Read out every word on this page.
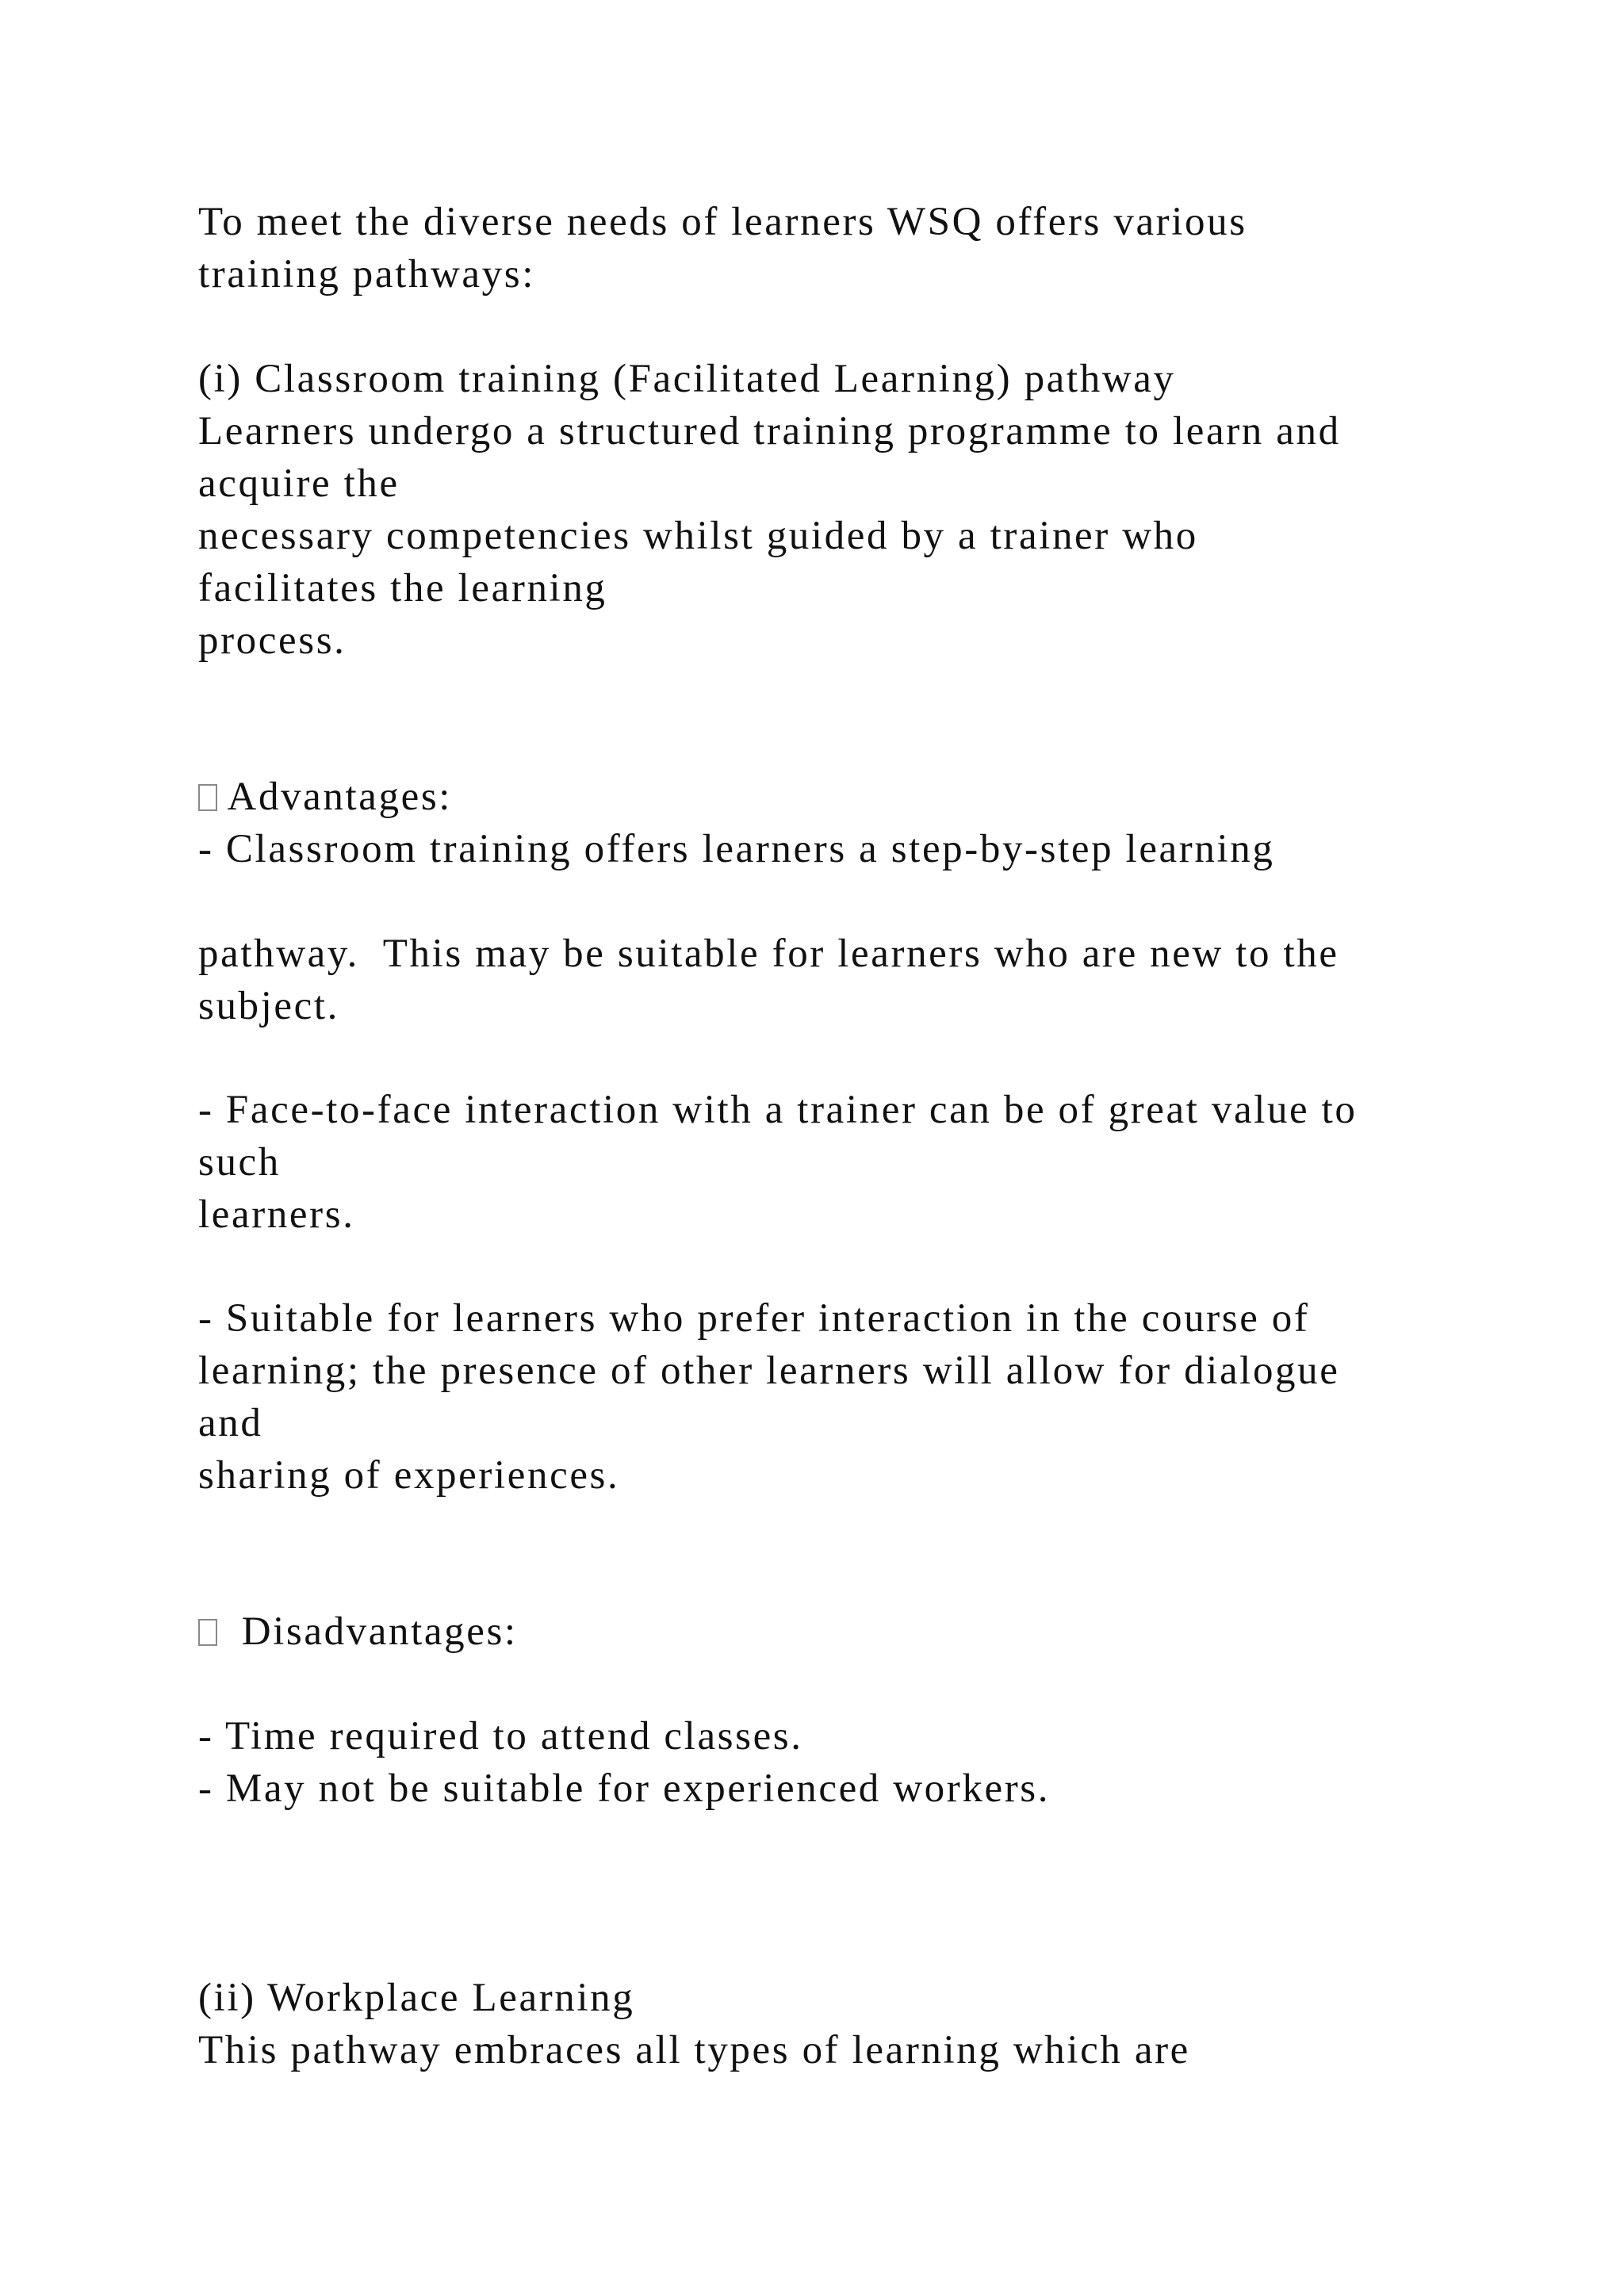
To meet the diverse needs of learners WSQ offers various
training pathways:
(i) Classroom training (Facilitated Learning) pathway
Learners undergo a structured training programme to learn and
acquire the
necessary competencies whilst guided by a trainer who
facilitates the learning
process.
Advantages:
- Classroom training offers learners a step-by-step learning
pathway.  This may be suitable for learners who are new to the
subject.
- Face-to-face interaction with a trainer can be of great value to
such
learners.
- Suitable for learners who prefer interaction in the course of
learning; the presence of other learners will allow for dialogue
and
sharing of experiences.
Disadvantages:
- Time required to attend classes.
- May not be suitable for experienced workers.
(ii) Workplace Learning
This pathway embraces all types of learning which are
